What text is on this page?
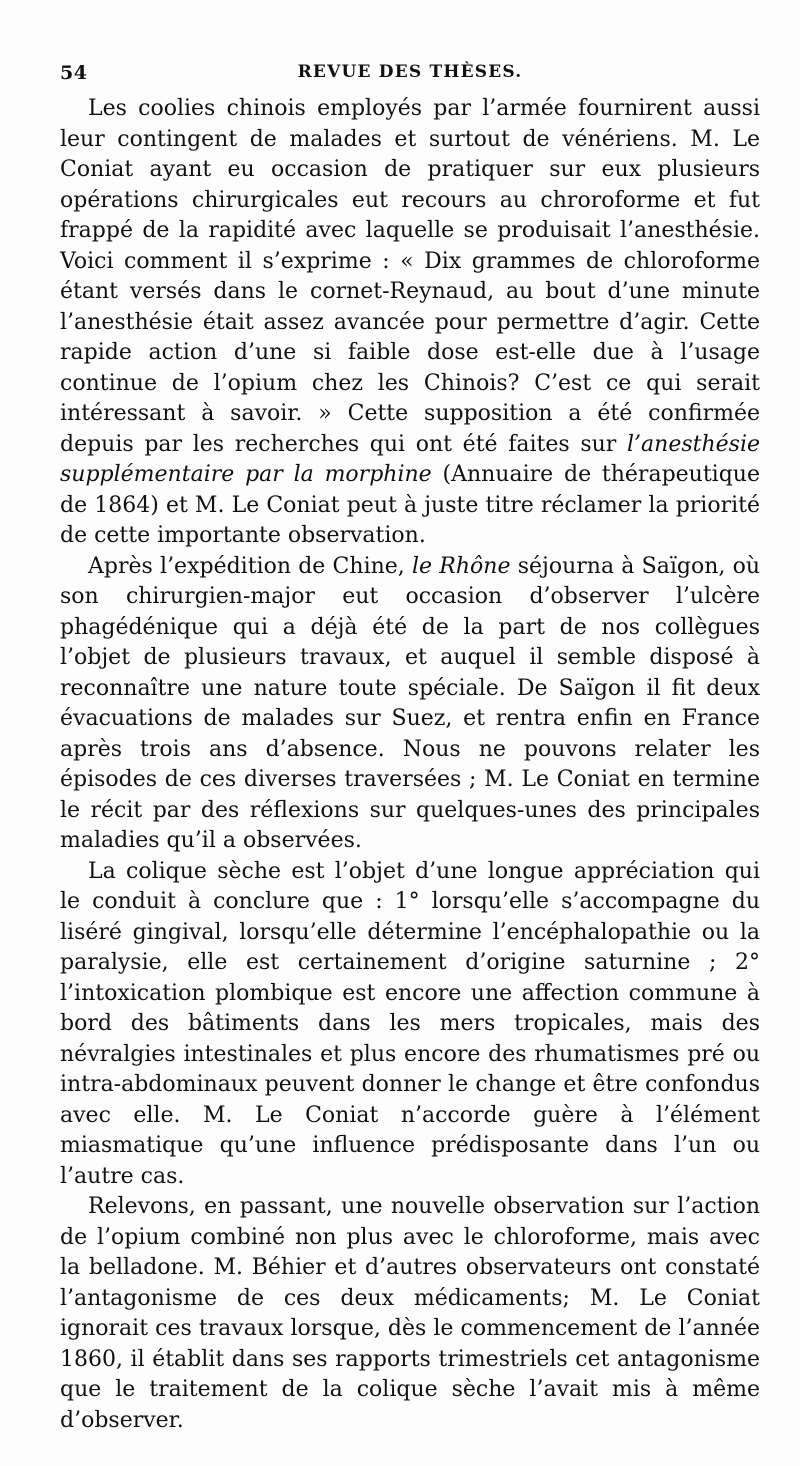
⠀
54	REVUE DES THÈSES.

Les coolies chinois employés par l’armée fournirent aussi leur contingent de malades et surtout de vénériens. M. Le Coniat ayant eu occasion de pratiquer sur eux plusieurs opérations chirurgicales eut recours au chroroforme et fut frappé de la rapidité avec laquelle se produisait l’anesthésie. Voici comment il s’exprime : « Dix grammes de chloroforme étant versés dans le cornet-Reynaud, au bout d’une minute l’anesthésie était assez avancée pour permettre d’agir. Cette rapide action d’une si faible dose est-elle due à l’usage continue de l’opium chez les Chinois? C’est ce qui serait intéressant à savoir. » Cette supposition a été confirmée depuis par les recherches qui ont été faites sur l’anesthésie supplémentaire par la morphine (Annuaire de thérapeutique de 1864) et M. Le Coniat peut à juste titre réclamer la priorité de cette importante observation.

Après l’expédition de Chine, le Rhône séjourna à Saïgon, où son chirurgien-major eut occasion d’observer l’ulcère phagédénique qui a déjà été de la part de nos collègues l’objet de plusieurs travaux, et auquel il semble disposé à reconnaître une nature toute spéciale. De Saïgon il fit deux évacuations de malades sur Suez, et rentra enfin en France après trois ans d’absence. Nous ne pouvons relater les épisodes de ces diverses traversées ; M. Le Coniat en termine le récit par des réflexions sur quelques-unes des principales maladies qu’il a observées.

La colique sèche est l’objet d’une longue appréciation qui le conduit à conclure que : 1° lorsqu’elle s’accompagne du liséré gingival, lorsqu’elle détermine l’encéphalopathie ou la paralysie, elle est certainement d’origine saturnine ; 2° l’intoxication plombique est encore une affection commune à bord des bâtiments dans les mers tropicales, mais des névralgies intestinales et plus encore des rhumatismes pré ou intra-abdominaux peuvent donner le change et être confondus avec elle. M. Le Coniat n’accorde guère à l’élément miasmatique qu’une influence prédisposante dans l’un ou l’autre cas.

Relevons, en passant, une nouvelle observation sur l’action de l’opium combiné non plus avec le chloroforme, mais avec la belladone. M. Béhier et d’autres observateurs ont constaté l’antagonisme de ces deux médicaments; M. Le Coniat ignorait ces travaux lorsque, dès le commencement de l’année 1860, il établit dans ses rapports trimestriels cet antagonisme que le traitement de la colique sèche l’avait mis à même d’observer.
